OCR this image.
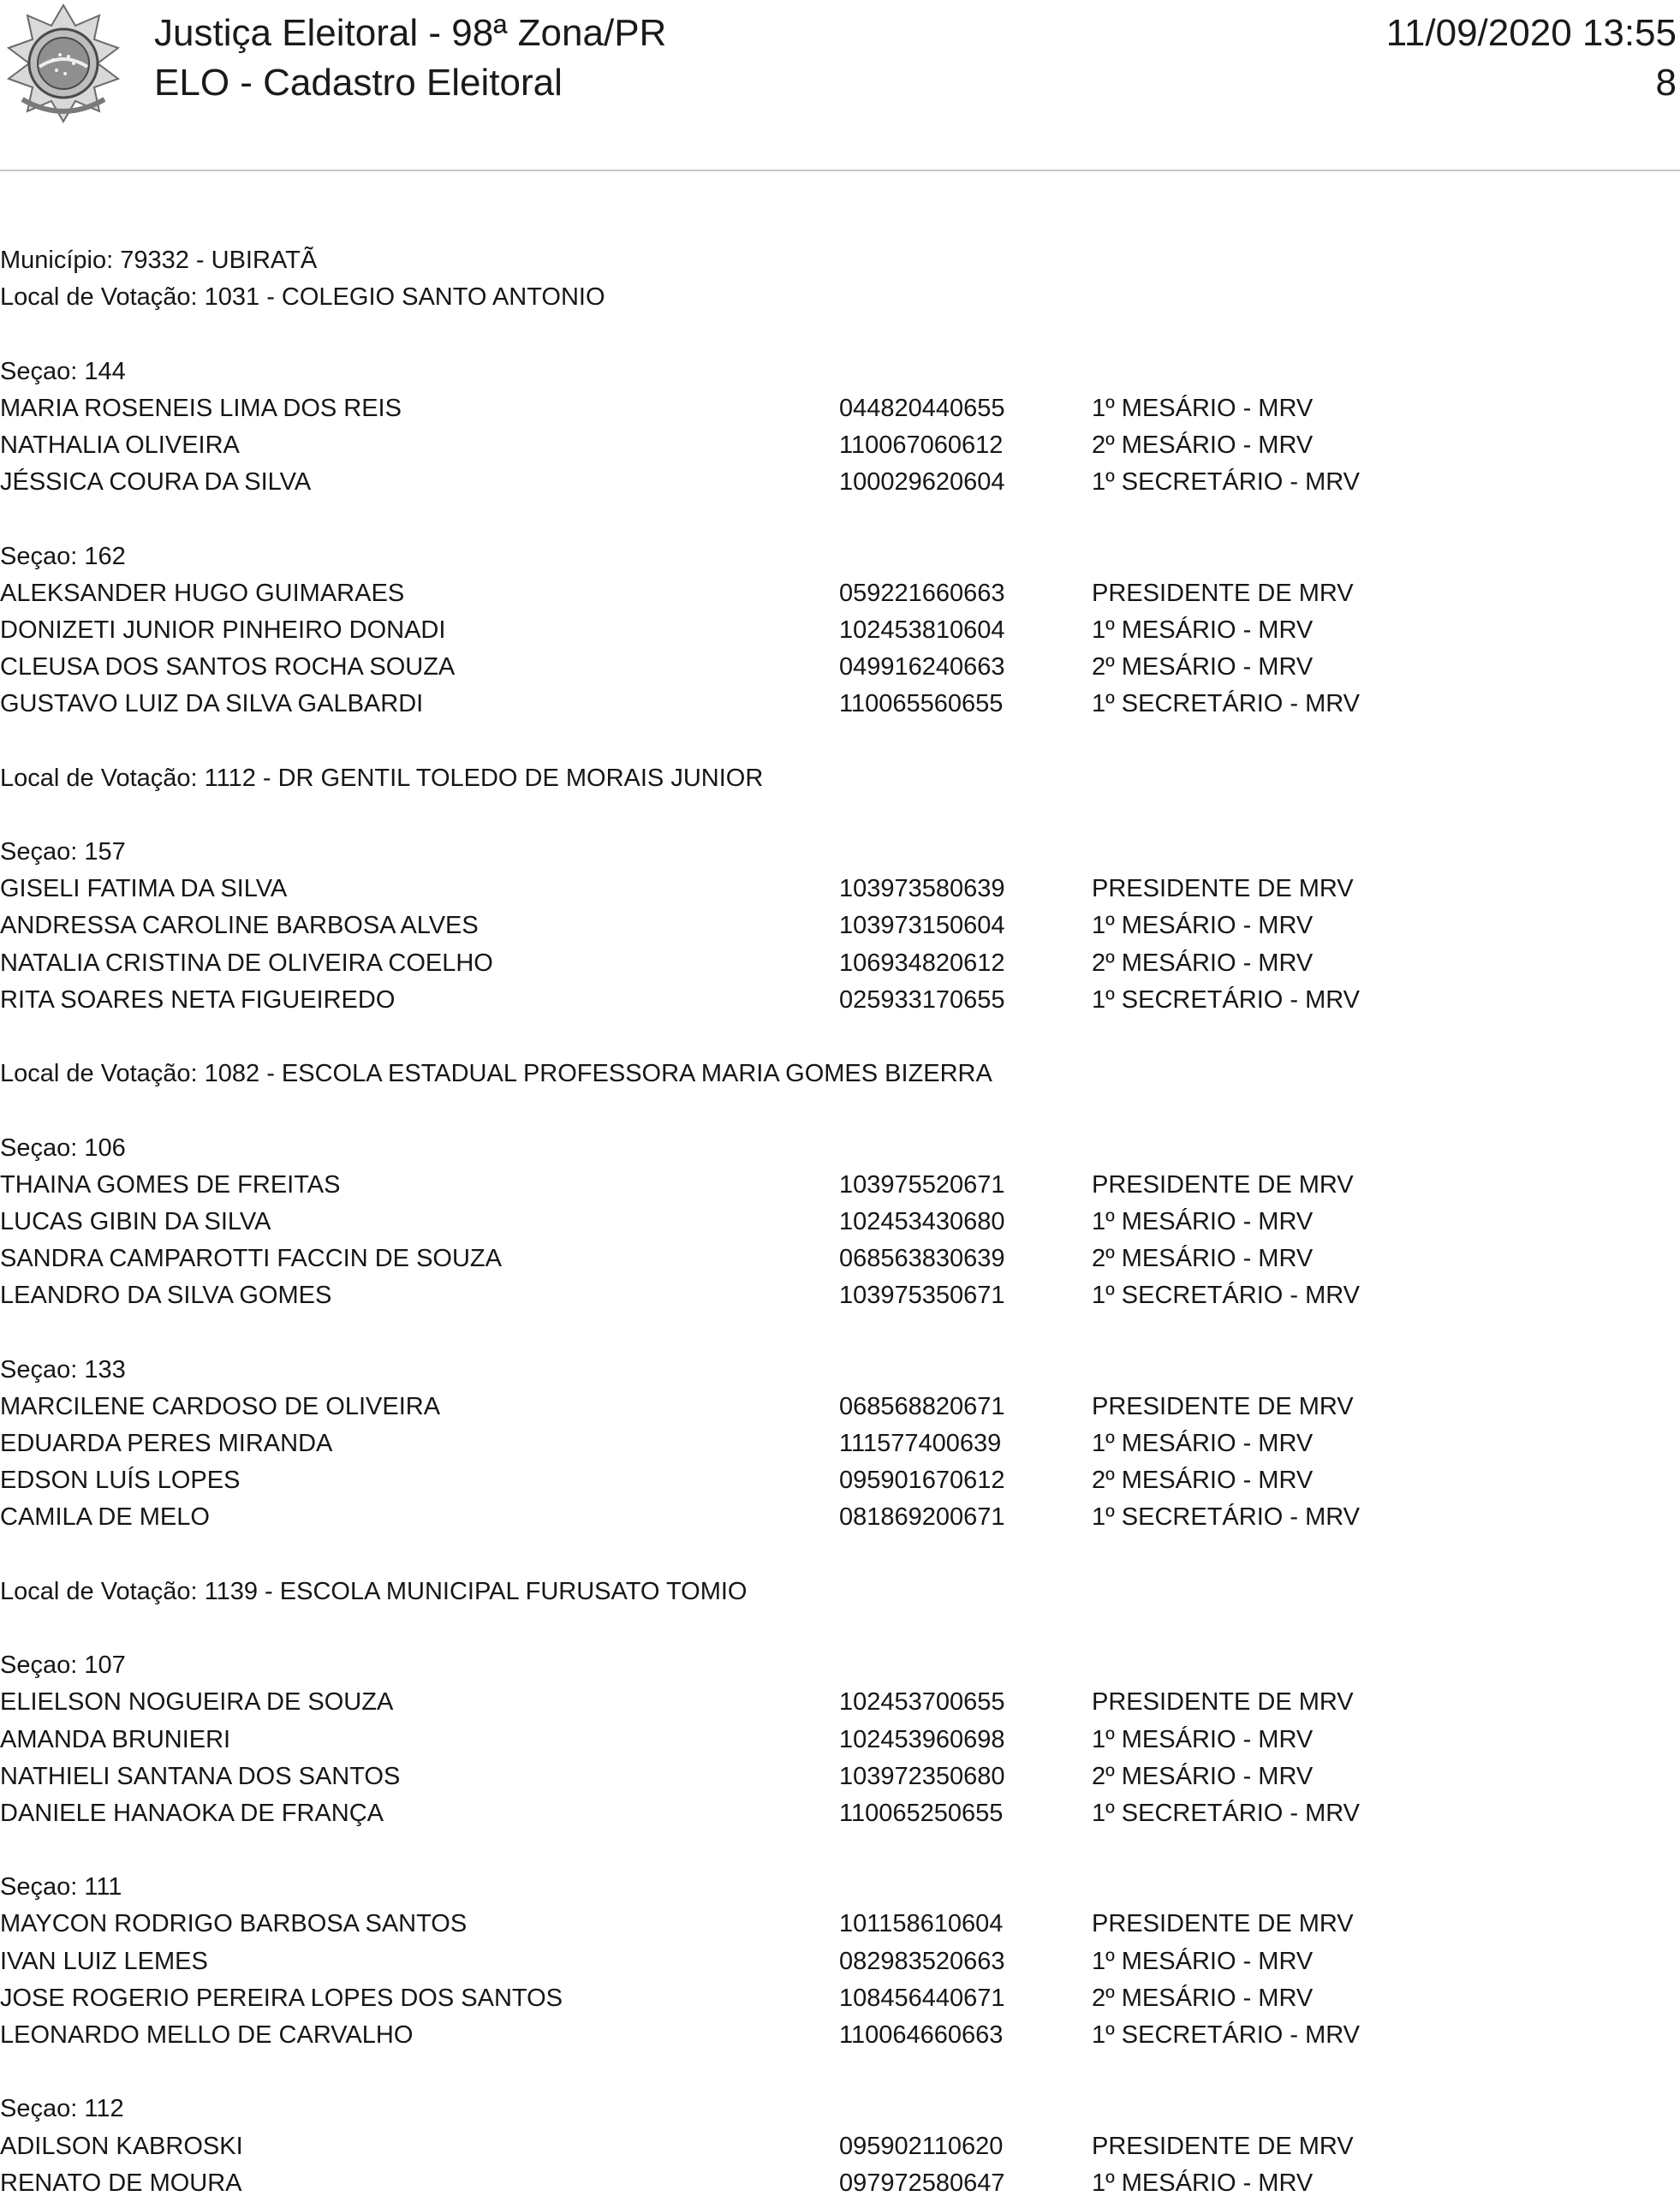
Justiça Eleitoral - 98ª Zona/PR
ELO - Cadastro Eleitoral
11/09/2020 13:55
8
Município: 79332 - UBIRATÃ
Local de Votação: 1031 - COLEGIO SANTO ANTONIO
Seçao: 144
MARIA ROSENEIS LIMA DOS REIS	044820440655	1º MESÁRIO - MRV
NATHALIA OLIVEIRA	110067060612	2º MESÁRIO - MRV
JÉSSICA COURA DA SILVA	100029620604	1º SECRETÁRIO - MRV
Seçao: 162
ALEKSANDER HUGO GUIMARAES	059221660663	PRESIDENTE DE MRV
DONIZETI JUNIOR PINHEIRO DONADI	102453810604	1º MESÁRIO - MRV
CLEUSA DOS SANTOS ROCHA SOUZA	049916240663	2º MESÁRIO - MRV
GUSTAVO LUIZ DA SILVA GALBARDI	110065560655	1º SECRETÁRIO - MRV
Local de Votação: 1112 - DR GENTIL TOLEDO DE MORAIS JUNIOR
Seçao: 157
GISELI FATIMA DA SILVA	103973580639	PRESIDENTE DE MRV
ANDRESSA CAROLINE BARBOSA ALVES	103973150604	1º MESÁRIO - MRV
NATALIA CRISTINA DE OLIVEIRA COELHO	106934820612	2º MESÁRIO - MRV
RITA SOARES NETA FIGUEIREDO	025933170655	1º SECRETÁRIO - MRV
Local de Votação: 1082 - ESCOLA ESTADUAL PROFESSORA MARIA GOMES BIZERRA
Seçao: 106
THAINA GOMES DE FREITAS	103975520671	PRESIDENTE DE MRV
LUCAS GIBIN DA SILVA	102453430680	1º MESÁRIO - MRV
SANDRA CAMPAROTTI FACCIN DE SOUZA	068563830639	2º MESÁRIO - MRV
LEANDRO DA SILVA GOMES	103975350671	1º SECRETÁRIO - MRV
Seçao: 133
MARCILENE CARDOSO DE OLIVEIRA	068568820671	PRESIDENTE DE MRV
EDUARDA PERES MIRANDA	111577400639	1º MESÁRIO - MRV
EDSON LUÍS LOPES	095901670612	2º MESÁRIO - MRV
CAMILA DE MELO	081869200671	1º SECRETÁRIO - MRV
Local de Votação: 1139 - ESCOLA MUNICIPAL FURUSATO TOMIO
Seçao: 107
ELIELSON NOGUEIRA DE SOUZA	102453700655	PRESIDENTE DE MRV
AMANDA BRUNIERI	102453960698	1º MESÁRIO - MRV
NATHIELI SANTANA DOS SANTOS	103972350680	2º MESÁRIO - MRV
DANIELE HANAOKA DE FRANÇA	110065250655	1º SECRETÁRIO - MRV
Seçao: 111
MAYCON RODRIGO BARBOSA SANTOS	101158610604	PRESIDENTE DE MRV
IVAN LUIZ LEMES	082983520663	1º MESÁRIO - MRV
JOSE ROGERIO PEREIRA LOPES DOS SANTOS	108456440671	2º MESÁRIO - MRV
LEONARDO MELLO DE CARVALHO	110064660663	1º SECRETÁRIO - MRV
Seçao: 112
ADILSON KABROSKI	095902110620	PRESIDENTE DE MRV
RENATO DE MOURA	097972580647	1º MESÁRIO - MRV
